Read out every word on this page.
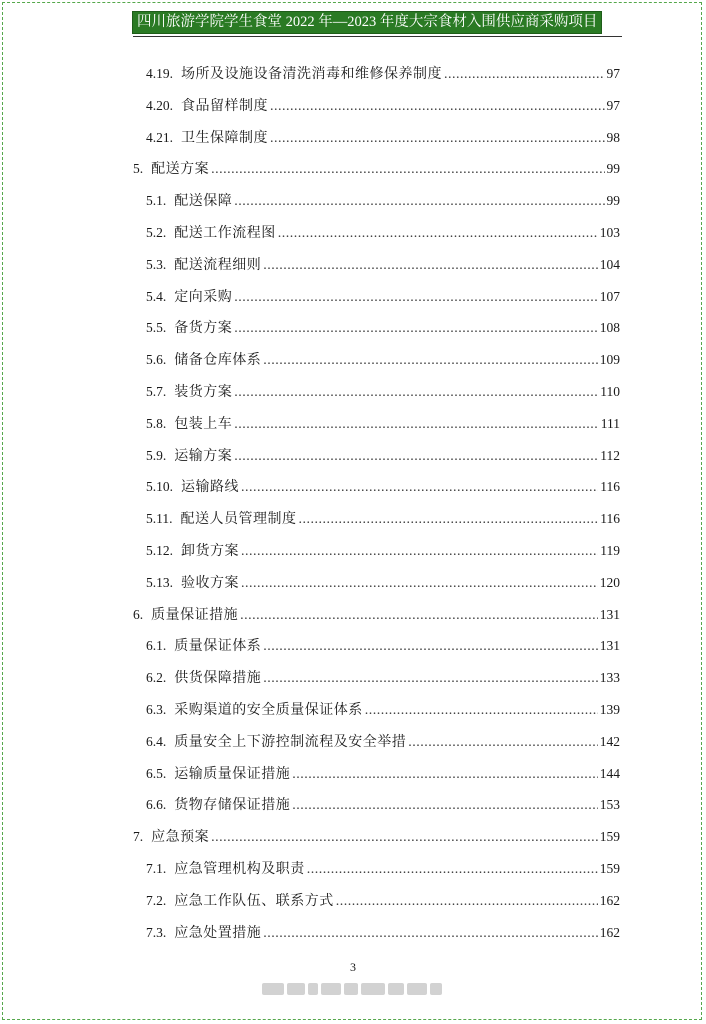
四川旅游学院学生食堂 2022 年—2023 年度大宗食材入围供应商采购项目
4.19. 场所及设施设备清洗消毒和维修保养制度 .....	97
4.20. 食品留样制度 .....	97
4.21. 卫生保障制度 .....	98
5. 配送方案 .....	99
5.1. 配送保障 .....	99
5.2. 配送工作流程图 .....	103
5.3. 配送流程细则 .....	104
5.4. 定向采购 .....	107
5.5. 备货方案 .....	108
5.6. 储备仓库体系 .....	109
5.7. 装货方案 .....	110
5.8. 包装上车 .....	111
5.9. 运输方案 .....	112
5.10. 运输路线 .....	116
5.11. 配送人员管理制度 .....	116
5.12. 卸货方案 .....	119
5.13. 验收方案 .....	120
6. 质量保证措施 .....	131
6.1. 质量保证体系 .....	131
6.2. 供货保障措施 .....	133
6.3. 采购渠道的安全质量保证体系 .....	139
6.4. 质量安全上下游控制流程及安全举措 .....	142
6.5. 运输质量保证措施 .....	144
6.6. 货物存储保证措施 .....	153
7. 应急预案 .....	159
7.1. 应急管理机构及职责 .....	159
7.2. 应急工作队伍、联系方式 .....	162
7.3. 应急处置措施 .....	162
3
